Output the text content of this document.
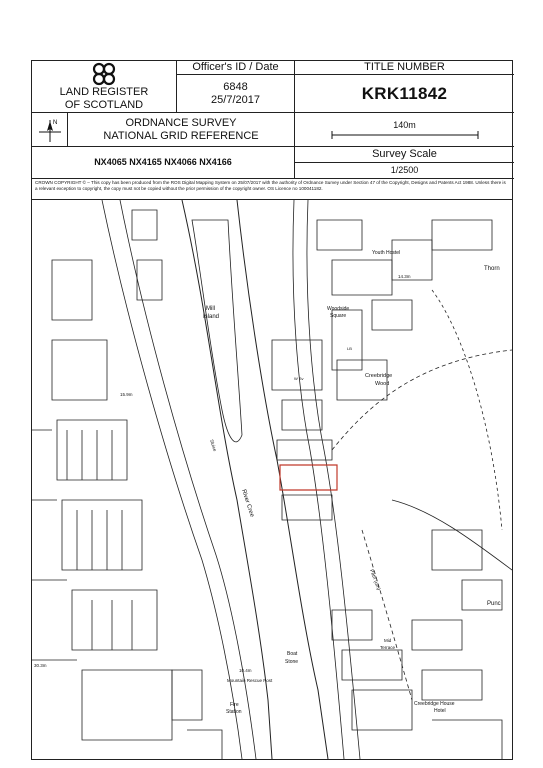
LAND REGISTER
OF SCOTLAND
Officer's ID / Date
6848
25/7/2017
TITLE NUMBER
KRK11842
N	ORDNANCE SURVEY
NATIONAL GRID REFERENCE
140m
NX4065 NX4165 NX4066 NX4166
Survey Scale
1/2500
CROWN COPYRIGHT © – This copy has been produced from the ROS Digital Mapping System on 25/07/2017 with the authority of Ordnance Survey under Section 47 of the Copyright, Designs and Patents Act 1988. Unless there is a relevant exception to copyright, the copy must not be copied without the prior permission of the copyright owner. OS Licence no 100041182.
Mill
Island
River Cree
Sluice
Youth Hostel
Woodside
Square
Creebridge
Wood
Path (um)
Thorn
Punc
Boat
Stone
Mountain Rescue Post
Fire
Station
Creebridge House
Hotel
Mid
Terrace
15.9m
14.3m
10.4m
30.3m
LB
W Sv
